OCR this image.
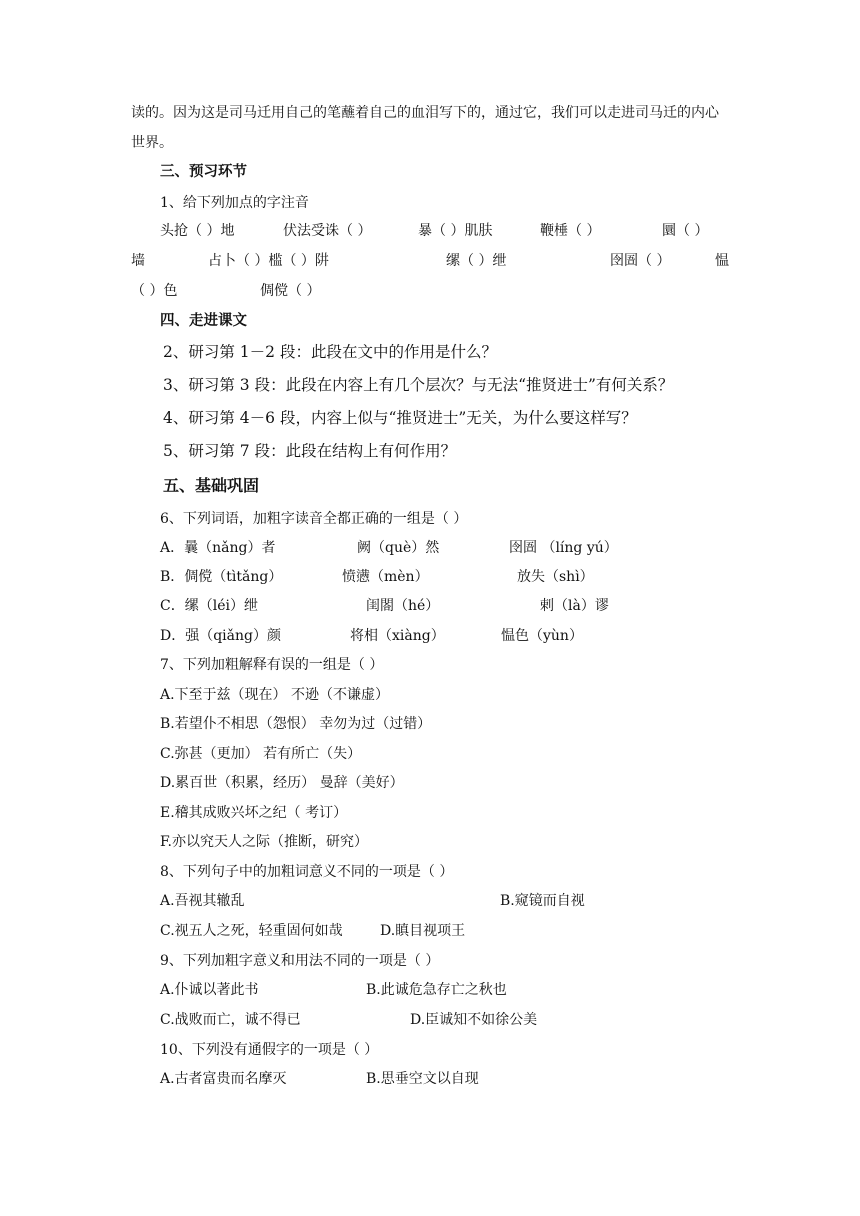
读的。因为这是司马迁用自己的笔蘸着自己的血泪写下的，通过它，我们可以走进司马迁的内心
世界。
三、预习环节
1、给下列加点的字注音
头抢（ ）地	伏法受诛（ ）	暴（ ）肌肤	鞭棰（ ）	圜（ ）
墙	占卜（ ）槛（ ）阱	缧（ ）绁	囹圄（ ）	愠
（ ）色	倜傥（ ）
四、走进课文
2、研习第 1－2 段：此段在文中的作用是什么？
3、研习第 3 段：此段在内容上有几个层次？与无法“推贤进士”有何关系？
4、研习第 4－6 段，内容上似与“推贤进士”无关，为什么要这样写？
5、研习第 7 段：此段在结构上有何作用？
五、基础巩固
6、下列词语，加粗字读音全都正确的一组是（ ）
A．曩（nǎng）者	阙（què）然	囹圄 （líng yú）
B．倜傥（tìtǎng）	愤懑（mèn）	放失（shì）
C．缧（léi）绁	闺閤（hé）	剌（là）谬
D．强（qiǎng）颜	将相（xiàng）	愠色（yùn）
7、下列加粗解释有误的一组是（ ）
A.下至于兹（现在） 不逊（不谦虚）
B.若望仆不相思（怨恨） 幸勿为过（过错）
C.弥甚（更加） 若有所亡（失）
D.累百世（积累，经历） 曼辞（美好）
E.稽其成败兴坏之纪（ 考订）
F.亦以究天人之际（推断，研究）
8、下列句子中的加粗词意义不同的一项是（ ）
A.吾视其辙乱	B.窥镜而自视
C.视五人之死，轻重固何如哉	D.瞋目视项王
9、下列加粗字意义和用法不同的一项是（ ）
A.仆诚以著此书	B.此诚危急存亡之秋也
C.战败而亡，诚不得已	D.臣诚知不如徐公美
10、下列没有通假字的一项是（ ）
A.古者富贵而名摩灭	B.思垂空文以自现
